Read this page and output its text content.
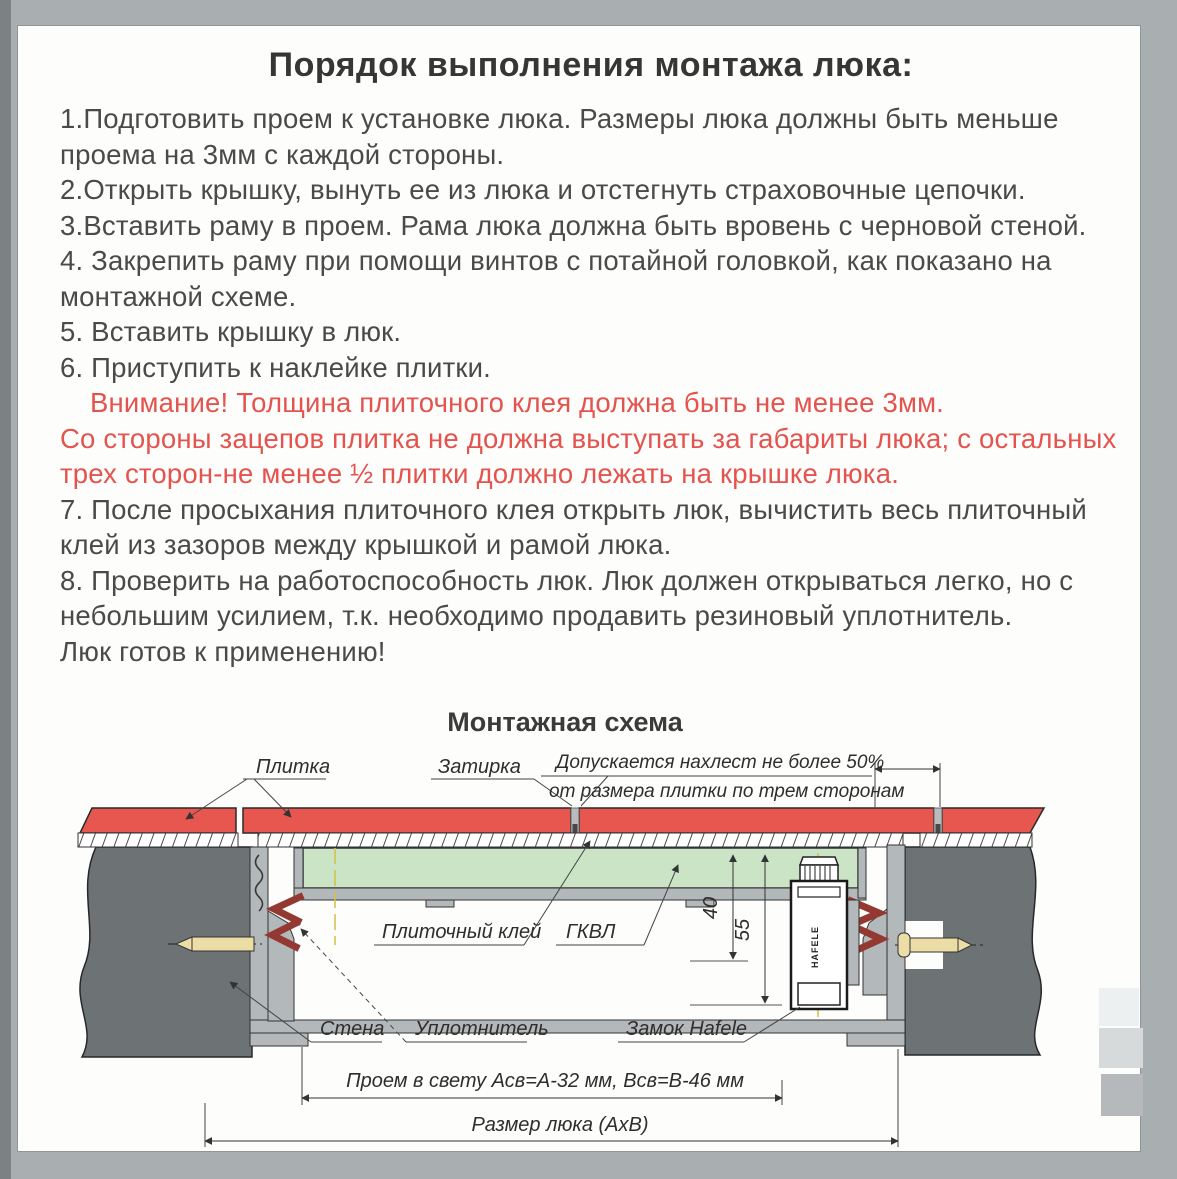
Порядок выполнения монтажа люка:

1.Подготовить проем к установке люка. Размеры люка должны быть меньше проема на 3мм с каждой стороны.

2.Открыть крышку, вынуть ее из люка и отстегнуть страховочные цепочки.

3.Вставить раму в проем. Рама люка должна быть вровень с черновой стеной.

4. Закрепить раму при помощи винтов с потайной головкой, как показано на монтажной схеме.

5. Вставить крышку в люк.

6. Приступить к наклейке плитки.

Внимание! Толщина плиточного клея должна быть не менее 3мм.

Со стороны зацепов плитка не должна выступать за габариты люка; с остальных трех сторон-не менее ½ плитки должно лежать на крышке люка.

7. После просыхания плиточного клея открыть люк, вычистить весь плиточный клей из зазоров между крышкой и рамой люка.

8. Проверить на работоспособность люк. Люк должен открываться легко, но с небольшим усилием, т.к. необходимо продавить резиновый уплотнитель.

Люк готов к применению!

Монтажная схема
HAFELE
40
55
Плитка	Затирка Допускается нахлест не более 50%
от размера плитки по трем сторонам
Плиточный клей ГКВЛ
Стена Уплотнитель	Замок Hafele
Проем в свету Асв=А-32 мм, Всв=В-46 мм
Размер люка (АхВ)
